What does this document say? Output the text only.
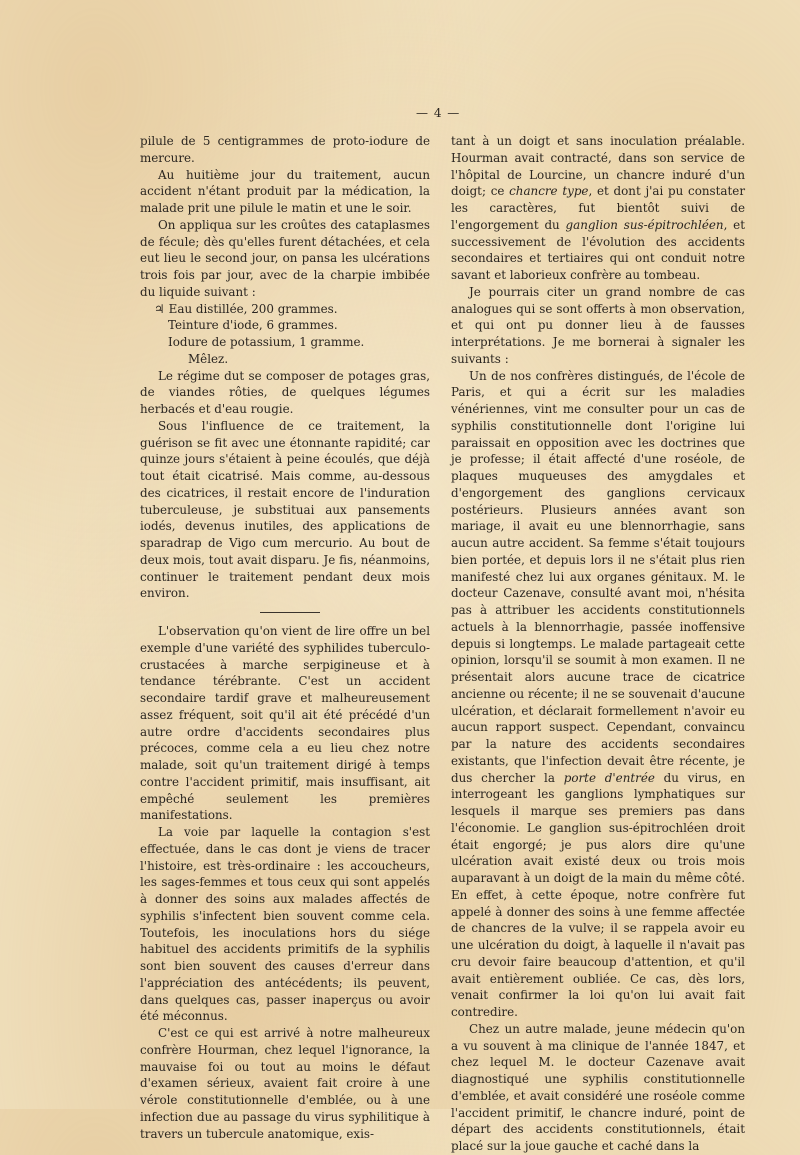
— 4 —

pilule de 5 centigrammes de proto-iodure de mercure.

Au huitième jour du traitement, aucun accident n'étant produit par la médication, la malade prit une pilule le matin et une le soir.

On appliqua sur les croûtes des cataplasmes de fécule; dès qu'elles furent détachées, et cela eut lieu le second jour, on pansa les ulcérations trois fois par jour, avec de la charpie imbibée du liquide suivant :

♃ Eau distillée, 200 grammes.
Teinture d'iode, 6 grammes.
Iodure de potassium, 1 gramme.
Mêlez.

Le régime dut se composer de potages gras, de viandes rôties, de quelques légumes herbacés et d'eau rougie.

Sous l'influence de ce traitement, la guérison se fit avec une étonnante rapidité; car quinze jours s'étaient à peine écoulés, que déjà tout était cicatrisé. Mais comme, au-dessous des cicatrices, il restait encore de l'induration tuberculeuse, je substituai aux pansements iodés, devenus inutiles, des applications de sparadrap de Vigo cum mercurio. Au bout de deux mois, tout avait disparu. Je fis, néanmoins, continuer le traitement pendant deux mois environ.

L'observation qu'on vient de lire offre un bel exemple d'une variété des syphilides tuberculo-crustacées à marche serpigineuse et à tendance térébrante. C'est un accident secondaire tardif grave et malheureusement assez fréquent, soit qu'il ait été précédé d'un autre ordre d'accidents secondaires plus précoces, comme cela a eu lieu chez notre malade, soit qu'un traitement dirigé à temps contre l'accident primitif, mais insuffisant, ait empêché seulement les premières manifestations.

La voie par laquelle la contagion s'est effectuée, dans le cas dont je viens de tracer l'histoire, est très-ordinaire : les accoucheurs, les sages-femmes et tous ceux qui sont appelés à donner des soins aux malades affectés de syphilis s'infectent bien souvent comme cela. Toutefois, les inoculations hors du siége habituel des accidents primitifs de la syphilis sont bien souvent des causes d'erreur dans l'appréciation des antécédents; ils peuvent, dans quelques cas, passer inaperçus ou avoir été méconnus.

C'est ce qui est arrivé à notre malheureux confrère Hourman, chez lequel l'ignorance, la mauvaise foi ou tout au moins le défaut d'examen sérieux, avaient fait croire à une vérole constitutionnelle d'emblée, ou à une infection due au passage du virus syphilitique à travers un tubercule anatomique, exis-

tant à un doigt et sans inoculation préalable. Hourman avait contracté, dans son service de l'hôpital de Lourcine, un chancre induré d'un doigt; ce chancre type, et dont j'ai pu constater les caractères, fut bientôt suivi de l'engorgement du ganglion sus-épitrochléen, et successivement de l'évolution des accidents secondaires et tertiaires qui ont conduit notre savant et laborieux confrère au tombeau.

Je pourrais citer un grand nombre de cas analogues qui se sont offerts à mon observation, et qui ont pu donner lieu à de fausses interprétations. Je me bornerai à signaler les suivants :

Un de nos confrères distingués, de l'école de Paris, et qui a écrit sur les maladies vénériennes, vint me consulter pour un cas de syphilis constitutionnelle dont l'origine lui paraissait en opposition avec les doctrines que je professe; il était affecté d'une roséole, de plaques muqueuses des amygdales et d'engorgement des ganglions cervicaux postérieurs. Plusieurs années avant son mariage, il avait eu une blennorrhagie, sans aucun autre accident. Sa femme s'était toujours bien portée, et depuis lors il ne s'était plus rien manifesté chez lui aux organes génitaux. M. le docteur Cazenave, consulté avant moi, n'hésita pas à attribuer les accidents constitutionnels actuels à la blennorrhagie, passée inoffensive depuis si longtemps. Le malade partageait cette opinion, lorsqu'il se soumit à mon examen. Il ne présentait alors aucune trace de cicatrice ancienne ou récente; il ne se souvenait d'aucune ulcération, et déclarait formellement n'avoir eu aucun rapport suspect. Cependant, convaincu par la nature des accidents secondaires existants, que l'infection devait être récente, je dus chercher la porte d'entrée du virus, en interrogeant les ganglions lymphatiques sur lesquels il marque ses premiers pas dans l'économie. Le ganglion sus-épitrochléen droit était engorgé; je pus alors dire qu'une ulcération avait existé deux ou trois mois auparavant à un doigt de la main du même côté. En effet, à cette époque, notre confrère fut appelé à donner des soins à une femme affectée de chancres de la vulve; il se rappela avoir eu une ulcération du doigt, à laquelle il n'avait pas cru devoir faire beaucoup d'attention, et qu'il avait entièrement oubliée. Ce cas, dès lors, venait confirmer la loi qu'on lui avait fait contredire.

Chez un autre malade, jeune médecin qu'on a vu souvent à ma clinique de l'année 1847, et chez lequel M. le docteur Cazenave avait diagnostiqué une syphilis constitutionnelle d'emblée, et avait considéré une roséole comme l'accident primitif, le chancre induré, point de départ des accidents constitutionnels, était placé sur la joue gauche et caché dans la
